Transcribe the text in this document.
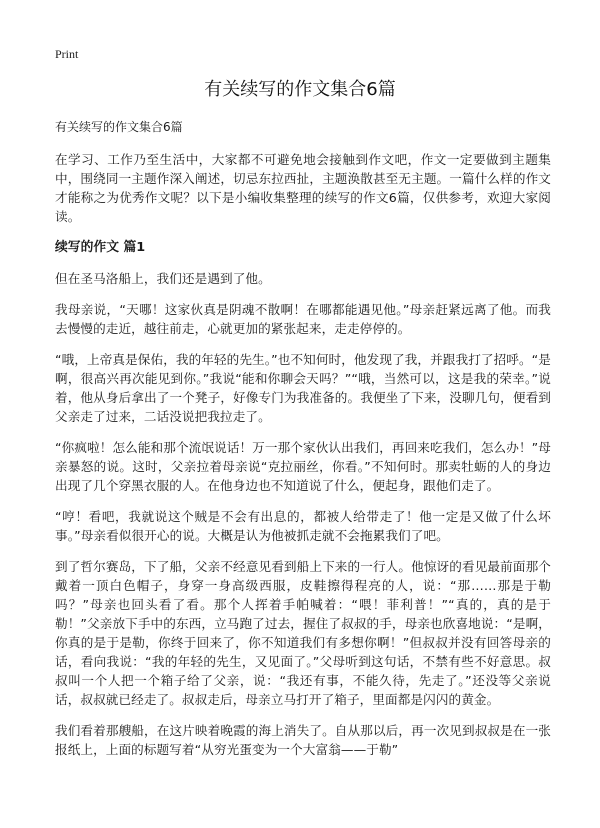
Print
有关续写的作文集合6篇

有关续写的作文集合6篇

在学习、工作乃至生活中，大家都不可避免地会接触到作文吧，作文一定要做到主题集中，围绕同一主题作深入阐述，切忌东拉西扯，主题涣散甚至无主题。一篇什么样的作文才能称之为优秀作文呢？以下是小编收集整理的续写的作文6篇，仅供参考，欢迎大家阅读。

续写的作文 篇1

但在圣马洛船上，我们还是遇到了他。

我母亲说，“天哪！这家伙真是阴魂不散啊！在哪都能遇见他。”母亲赶紧远离了他。而我去慢慢的走近，越往前走，心就更加的紧张起来，走走停停的。

“哦，上帝真是保佑，我的年轻的先生。”也不知何时，他发现了我，并跟我打了招呼。“是啊，很高兴再次能见到你。”我说“能和你聊会天吗？”“哦，当然可以，这是我的荣幸。”说着，他从身后拿出了一个凳子，好像专门为我准备的。我便坐了下来，没聊几句，便看到父亲走了过来，二话没说把我拉走了。

“你疯啦！怎么能和那个流氓说话！万一那个家伙认出我们，再回来吃我们，怎么办！”母亲暴怒的说。这时，父亲拉着母亲说“克拉丽丝，你看。”不知何时。那卖牡蛎的人的身边出现了几个穿黑衣服的人。在他身边也不知道说了什么，便起身，跟他们走了。

“哼！看吧，我就说这个贼是不会有出息的，都被人给带走了！他一定是又做了什么坏事。”母亲看似很开心的说。大概是认为他被抓走就不会拖累我们了吧。

到了哲尔赛岛，下了船，父亲不经意见看到船上下来的一行人。他惊讶的看见最前面那个戴着一顶白色帽子，身穿一身高级西服，皮鞋擦得程亮的人，说：“那……那是于勒吗？”母亲也回头看了看。那个人挥着手帕喊着：“喂！菲利普！”“真的，真的是于勒！”父亲放下手中的东西，立马跑了过去，握住了叔叔的手，母亲也欣喜地说：“是啊，你真的是于是勒，你终于回来了，你不知道我们有多想你啊！”但叔叔并没有回答母亲的话，看向我说：“我的年轻的先生，又见面了。”父母听到这句话，不禁有些不好意思。叔叔叫一个人把一个箱子给了父亲，说：“我还有事，不能久待，先走了。”还没等父亲说话，叔叔就已经走了。叔叔走后，母亲立马打开了箱子，里面都是闪闪的黄金。

我们看着那艘船，在这片映着晚霞的海上消失了。自从那以后，再一次见到叔叔是在一张报纸上，上面的标题写着“从穷光蛋变为一个大富翁——于勒”
